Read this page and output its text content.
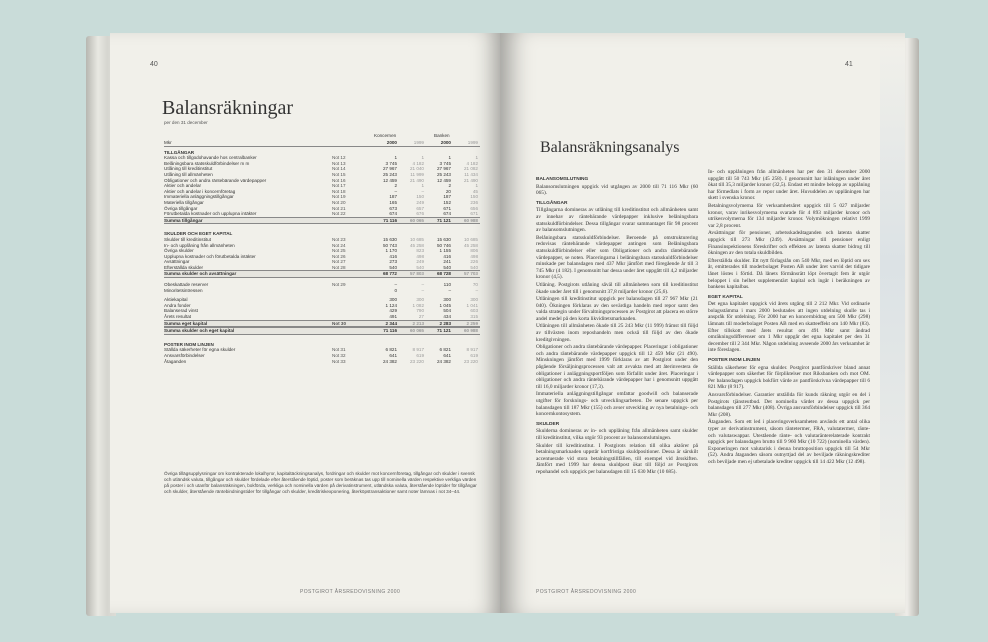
40
Balansräkningar
per den 31 december
Koncernen	Banken
Mkr	2000	1999	2000	1999
TILLGÅNGAR
Kassa och tillgodohavande hos centralbanker	Not 12	1	1	1	1
Belåningsbara statsskuldförbindelser m m	Not 13	3 745	4 182	3 745	4 182
Utlåning till kreditinstitut	Not 14	27 967	21 040	27 967	21 082
Utlåning till allmänheten	Not 15	25 243	11 999	25 243	11 434
Obligationer och andra räntebärande värdepapper	Not 16	12 459	21 490	12 459	21 490
Aktier och andelar	Not 17	2	1	2	1
Aktier och andelar i koncernföretag	Not 18	–	–	20	45
Immateriella anläggningstillgångar	Not 19	187	150	187	150
Materiella tillgångar	Not 20	165	249	152	236
Övriga tillgångar	Not 21	673	657	671	656
Förutbetalda kostnader och upplupna intäkter	Not 22	674	676	674	671
Summa tillgångar	71 116	60 065	71 121	60 988
SKULDER OCH EGET KAPITAL
Skulder till kreditinstitut	Not 23	15 630	10 685	15 630	10 685
In- och upplåning från allmänheten	Not 24	50 743	45 258	50 746	45 258
Övriga skulder	Not 25	1 170	823	1 155	806
Upplupna kostnader och förutbetalda intäkter	Not 26	416	498	416	498
Avsättningar	Not 27	273	249	241	226
Efterställda skulder	Not 28	540	540	540	540
Summa skulder och avsättningar	68 772	57 803	68 728	57 703
Obeskattade reserver	Not 29	–	–	110	70
Minoritetsintressen	0	–	–	–
Aktiekapital	300	300	300	300
Andra fonder	1 124	1 082	1 045	1 041
Balanserad vinst	429	790	504	603
Årets resultat	491	27	434	315
Summa eget kapital	Not 30	2 344	2 213	2 283	2 259
Summa skulder och eget kapital	71 116	60 065	71 121	60 988
POSTER INOM LINJEN
Ställda säkerheter för egna skulder	Not 31	6 821	8 917	6 821	8 917
Ansvarsförbindelser	Not 32	641	619	641	619
Åtaganden	Not 33	24 382	23 220	24 382	23 220
Övriga tillägsupplysningar om kontrakterade lokalhyror, kapitaltäckningsanalys, fordringar och skulder mot koncernföretag, tillgångar och skulder i svensk och utländsk valuta, tillgångar och skulder fördelade efter återstående löptid, poster som beräknas tas upp till nominella värden respektive verkliga värden på poster i och utanför balansräkningen, bokförda, verkliga och nominella värden på derivatinstrument, utländska valuta, återstående löptider för tillgångar och skulder, återstående räntebindningstider för tillgångar och skulder, kreditriskexponering, återköpstransaktioner samt noter lämnas i not 34–44.
POSTGIROT ÅRSREDOVISNING 2000
41
Balansräkningsanalys
BALANSOMSLUTNING

Balansomslutningen uppgick vid utgången av 2000 till 71 116 Mkr (60 065).

TILLGÅNGAR

Tillgångarna domineras av utlåning till kreditinstitut och allmänheten samt av innehav av räntebärande värdepapper inklusive belåningsbara statsskuldförbindelser. Dessa tillgångar svarar sammantaget för 98 procent av balansomslutningen.

Belåningsbara statsskuldförbindelser. Beroende på omstrukturering redovisas räntebärande värdepapper antingen som Belåningsbara statsskuldförbindelser eller som Obligationer och andra räntebärande värdepapper, se noten. Placeringarna i belåningsbara statsskuldförbindelser minskade per balansdagen med 437 Mkr jämfört med föregående år till 3 745 Mkr (4 182). I genomsnitt har dessa under året uppgått till 4,2 miljarder kronor (4,5).

Utlåning. Postgirots utlåning såväl till allmänheten som till kreditinstitut ökade under året till i genomsnitt 37,8 miljarder kronor (25,6).

Utlåningen till kreditinstitut uppgick per balansdagen till 27 967 Mkr (21 040). Ökningen förklaras av den sevärdiga handeln med repor samt den valda strategin under förvaltningsprocessen av Postgirot att placera en större andel medel på den korta likviditetsmarknaden.

Utlåningen till allmänheten ökade till 25 243 Mkr (11 999) främst till följd av tillväxten inom reposhandeln men också till följd av den ökade kreditgivningen.

Obligationer och andra räntebärande värdepapper. Placeringar i obligationer och andra räntebärande värdepapper uppgick till 12 459 Mkr (21 490). Minskningen jämfört med 1999 förklaras av att Postgirot under den pågående försäljningsprocessen valt att avvakta med att återinvestera de obligationer i anläggningsportföljen som förfallit under året. Placeringar i obligationer och andra räntebärande värdepapper har i genomsnitt uppgått till 16,0 miljarder kronor (17,3).

Immateriella anläggningstillgångar omfattar goodwill och balanserade utgifter för forsknings- och utvecklingsarbeten. De senare uppgick per balansdagen till 187 Mkr (155) och avser utveckling av nya betalnings- och koncernkontosystem.

SKULDER

Skulderna domineras av in- och upplåning från allmänheten samt skulder till kreditinstitut, vilka utgör 93 procent av balansomslutningen.

Skulder till kreditinstitut. I Postgirots relation till olika aktörer på betalningsmarknaden uppstår kortfristiga skuldpositioner. Dessa är särskilt accentuerade vid stora betalningstillfällen, till exempel vid årsskiften. Jämfört med 1999 har denna skuldpost ökat till följd av Postgirots repohandel och uppgick per balansdagen till 15 630 Mkr (10 685).

In- och upplåningen från allmänheten har per den 31 december 2000 uppgått till 50 743 Mkr (45 258). I genomsnitt har inlåningen under året ökat till 35,3 miljarder kronor (32,5). Endast ett mindre belopp av upplåning har förmedlats i form av repor under året. Huvuddelen av upplåningen har skett i svenska kronor.

Betalningsvolymerna för verksamhetsåret uppgick till 5 027 miljarder kronor, varav inrikesvolymerna svarade för 4 893 miljarder kronor och utrikesvolymerna för 134 miljarder kronor. Volymökningen relativt 1999 var 2,8 procent.

Avsättningar för pensioner, arbetsskadeåtaganden och latenta skatter uppgick till 273 Mkr (249). Avsättningar till pensioner enligt Finansinspektionens föreskrifter och effekten av latenta skatter bidrog till ökningen av den totala skuldbilden.

Efterställda skulder. Ett nytt förlagslån om 540 Mkr, med en löptid om sex år, emitterades till moderbolaget Posten AB under året varvid det tidigare lånet löstes i förtid. Då lånets förmånsrätt löpt övertagit fem år utgör beloppet i sin helhet supplementärt kapital och ingår i beräkningen av bankens kapitalbas.

EGET KAPITAL

Det egna kapitalet uppgick vid årets utgång till 2 212 Mkr. Vid ordinarie bolagsstämma i mars 2000 beslutades att ingen utdelning skulle tas i anspråk för utdelning. För 2000 har en koncernbidrag om 500 Mkr (298) lämnats till moderbolaget Posten AB med en skatteeffekt om 140 Mkr (83). Efter tillskott med årets resultat om 491 Mkr samt ändrad omräkningsdifferenser om 1 Mkr uppgår det egna kapitalet per den 31 december till 2 344 Mkr. Någon utdelning avseende 2000 års verksamhet är inte föreslagen.

POSTER INOM LINJEN

Ställda säkerheter för egna skulder. Postgirot pantförskriver bland annat värdepapper som säkerhet för förpliktelser mot Riksbanken och mot OM. Per balansdagen uppgick bokfört värde av pantförskrivna värdepapper till 6 821 Mkr (8 917).

Ansvarsförbindelser. Garantier utställda för kunds räkning utgör en del i Postgirots tjänsteutbud. Det nominella värdet av dessa uppgick per balansdagen till 277 Mkr (408). Övriga ansvarsförbindelser uppgick till 364 Mkr (208).

Åtaganden. Som ett led i placeringsverksamheten används ett antal olika typer av derivatinstrument, såsom räntetermer, FRA, valutatermer, ränte- och valutaswappar. Utestående ränte- och valutaränterelaterade kontrakt uppgick per balansdagen brutto till 9 960 Mkr (10 722) (nominella värden). Exponeringen mot valutarisk i denna bruttoposition uppgick till 54 Mkr (52). Andra åtaganden såsom outnyttjad del av beviljade räkningskrediter och beviljade men ej utbetalade krediter uppgick till 14 422 Mkr (12 498).

POSTGIROT ÅRSREDOVISNING 2000
